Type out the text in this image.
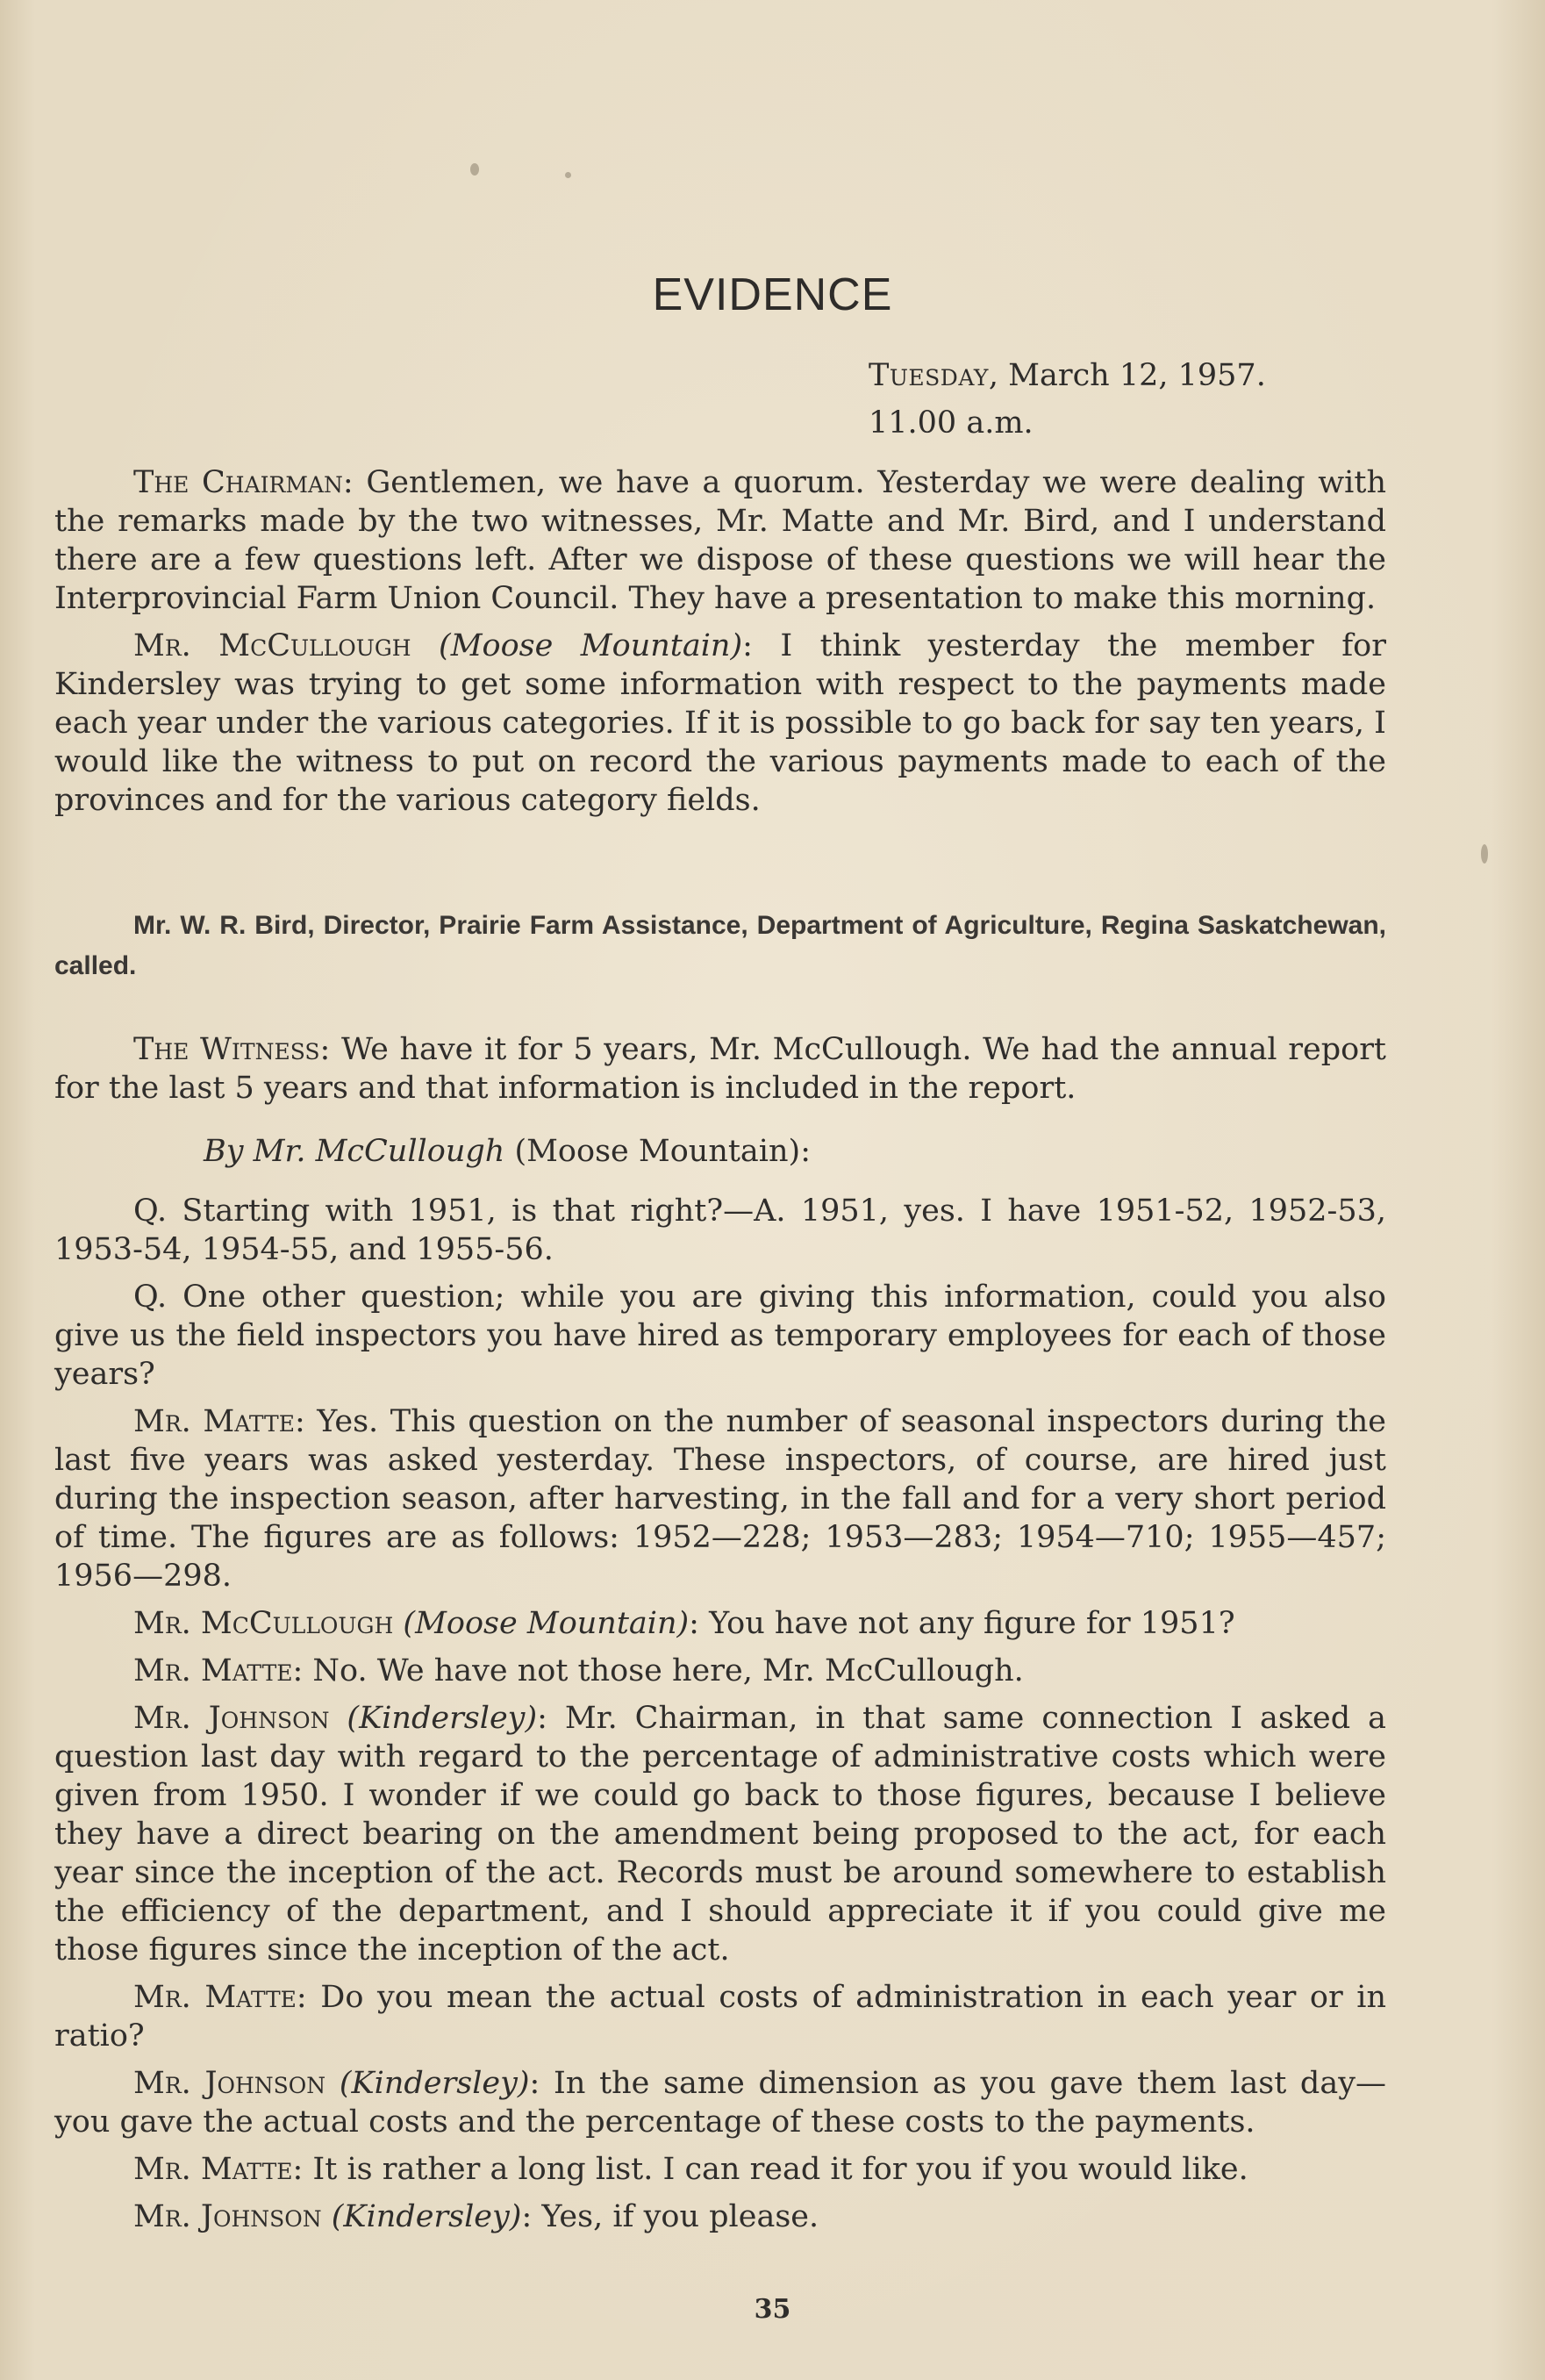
EVIDENCE
Tuesday, March 12, 1957.
11.00 a.m.

The Chairman: Gentlemen, we have a quorum. Yesterday we were dealing with the remarks made by the two witnesses, Mr. Matte and Mr. Bird, and I understand there are a few questions left. After we dispose of these questions we will hear the Interprovincial Farm Union Council. They have a presentation to make this morning.

Mr. McCullough (Moose Mountain): I think yesterday the member for Kindersley was trying to get some information with respect to the payments made each year under the various categories. If it is possible to go back for say ten years, I would like the witness to put on record the various payments made to each of the provinces and for the various category fields.

Mr. W. R. Bird, Director, Prairie Farm Assistance, Department of Agriculture, Regina Saskatchewan, called.

The Witness: We have it for 5 years, Mr. McCullough. We had the annual report for the last 5 years and that information is included in the report.

By Mr. McCullough (Moose Mountain):

Q. Starting with 1951, is that right?—A. 1951, yes. I have 1951-52, 1952-53, 1953-54, 1954-55, and 1955-56.

Q. One other question; while you are giving this information, could you also give us the field inspectors you have hired as temporary employees for each of those years?

Mr. Matte: Yes. This question on the number of seasonal inspectors during the last five years was asked yesterday. These inspectors, of course, are hired just during the inspection season, after harvesting, in the fall and for a very short period of time. The figures are as follows: 1952—228; 1953—283; 1954—710; 1955—457; 1956—298.

Mr. McCullough (Moose Mountain): You have not any figure for 1951?

Mr. Matte: No. We have not those here, Mr. McCullough.

Mr. Johnson (Kindersley): Mr. Chairman, in that same connection I asked a question last day with regard to the percentage of administrative costs which were given from 1950. I wonder if we could go back to those figures, because I believe they have a direct bearing on the amendment being proposed to the act, for each year since the inception of the act. Records must be around somewhere to establish the efficiency of the department, and I should appreciate it if you could give me those figures since the inception of the act.

Mr. Matte: Do you mean the actual costs of administration in each year or in ratio?

Mr. Johnson (Kindersley): In the same dimension as you gave them last day—you gave the actual costs and the percentage of these costs to the payments.

Mr. Matte: It is rather a long list. I can read it for you if you would like.

Mr. Johnson (Kindersley): Yes, if you please.

35
